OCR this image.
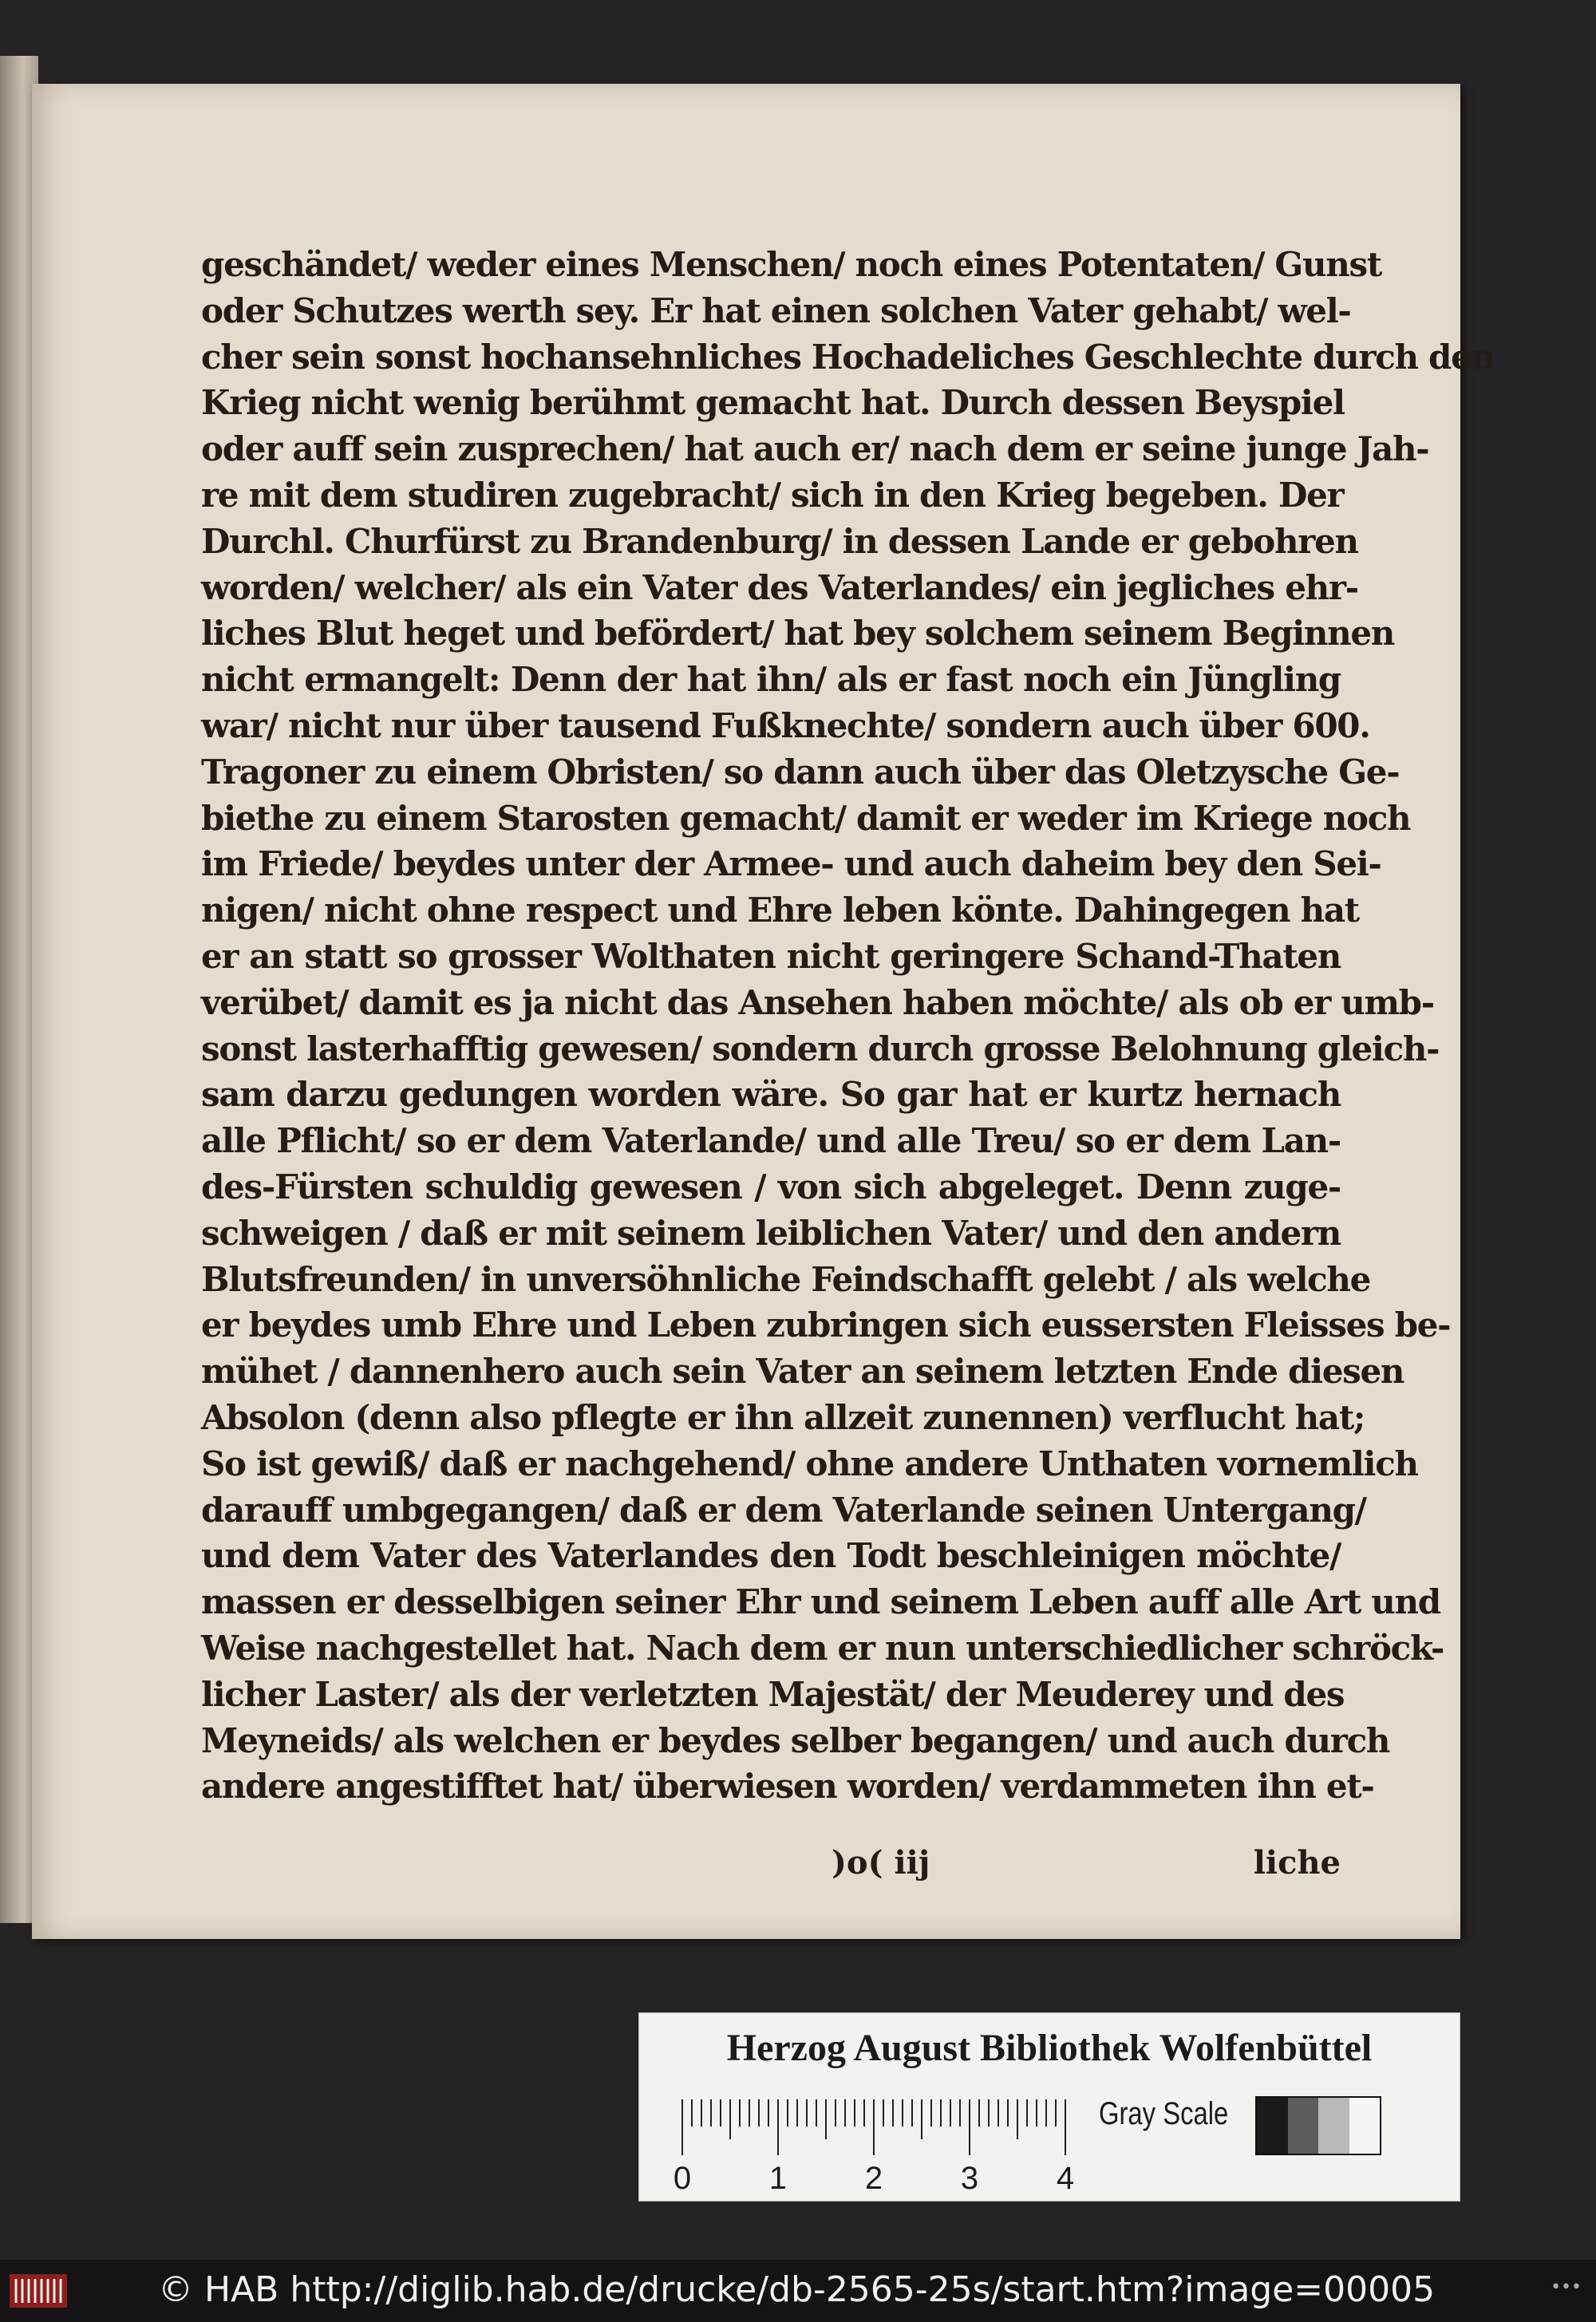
geschändet/ weder eines Menschen/ noch eines Potentaten/ Gunst
oder Schutzes werth sey. Er hat einen solchen Vater gehabt/ wel-
cher sein sonst hochansehnliches Hochadeliches Geschlechte durch den
Krieg nicht wenig berühmt gemacht hat. Durch dessen Beyspiel
oder auff sein zusprechen/ hat auch er/ nach dem er seine junge Jah-
re mit dem studiren zugebracht/ sich in den Krieg begeben. Der
Durchl. Churfürst zu Brandenburg/ in dessen Lande er gebohren
worden/ welcher/ als ein Vater des Vaterlandes/ ein jegliches ehr-
liches Blut heget und befördert/ hat bey solchem seinem Beginnen
nicht ermangelt: Denn der hat ihn/ als er fast noch ein Jüngling
war/ nicht nur über tausend Fußknechte/ sondern auch über 600.
Tragoner zu einem Obristen/ so dann auch über das Oletzysche Ge-
biethe zu einem Starosten gemacht/ damit er weder im Kriege noch
im Friede/ beydes unter der Armee- und auch daheim bey den Sei-
nigen/ nicht ohne respect und Ehre leben könte. Dahingegen hat
er an statt so grosser Wolthaten nicht geringere Schand-Thaten
verübet/ damit es ja nicht das Ansehen haben möchte/ als ob er umb-
sonst lasterhafftig gewesen/ sondern durch grosse Belohnung gleich-
sam darzu gedungen worden wäre. So gar hat er kurtz hernach
alle Pflicht/ so er dem Vaterlande/ und alle Treu/ so er dem Lan-
des-Fürsten schuldig gewesen / von sich abgeleget. Denn zuge-
schweigen / daß er mit seinem leiblichen Vater/ und den andern
Blutsfreunden/ in unversöhnliche Feindschafft gelebt / als welche
er beydes umb Ehre und Leben zubringen sich eussersten Fleisses be-
mühet / dannenhero auch sein Vater an seinem letzten Ende diesen
Absolon (denn also pflegte er ihn allzeit zunennen) verflucht hat;
So ist gewiß/ daß er nachgehend/ ohne andere Unthaten vornemlich
darauff umbgegangen/ daß er dem Vaterlande seinen Untergang/
und dem Vater des Vaterlandes den Todt beschleinigen möchte/
massen er desselbigen seiner Ehr und seinem Leben auff alle Art und
Weise nachgestellet hat. Nach dem er nun unterschiedlicher schröck-
licher Laster/ als der verletzten Majestät/ der Meuderey und des
Meyneids/ als welchen er beydes selber begangen/ und auch durch
andere angestifftet hat/ überwiesen worden/ verdammeten ihn et-
)o( iij	liche
Herzog August Bibliothek Wolfenbüttel
0 1 2 3 4
Gray Scale
© HAB http://diglib.hab.de/drucke/db-2565-25s/start.htm?image=00005	•••
